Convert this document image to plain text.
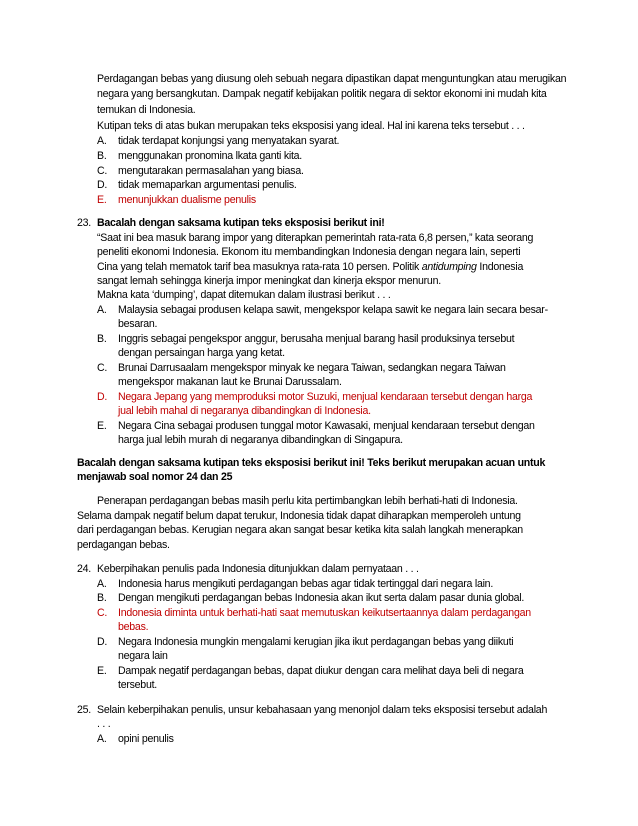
Perdagangan bebas yang diusung oleh sebuah negara dipastikan dapat menguntungkan atau merugikan negara yang bersangkutan. Dampak negatif kebijakan politik negara di sektor ekonomi ini mudah kita temukan di Indonesia.
Kutipan teks di atas bukan merupakan teks eksposisi yang ideal. Hal ini karena teks tersebut . . .
A.	tidak terdapat konjungsi yang menyatakan syarat.
B.	menggunakan pronomina lkata ganti kita.
C.	mengutarakan permasalahan yang biasa.
D.	tidak memaparkan argumentasi penulis.
E.	menunjukkan dualisme penulis
23. Bacalah dengan saksama kutipan teks eksposisi berikut ini!
“Saat ini bea masuk barang impor yang diterapkan pemerintah rata-rata 6,8 persen,” kata seorang
peneliti ekonomi Indonesia. Ekonom itu membandingkan Indonesia dengan negara lain, seperti
Cina yang telah mematok tarif bea masuknya rata-rata 10 persen. Politik antidumping Indonesia
sangat lemah sehingga kinerja impor meningkat dan kinerja ekspor menurun.
Makna kata ‘dumping’, dapat ditemukan dalam ilustrasi berikut . . .
A.	Malaysia sebagai produsen kelapa sawit, mengekspor kelapa sawit ke negara lain secara besar-
besaran.
B.	Inggris sebagai pengekspor anggur, berusaha menjual barang hasil produksinya tersebut
dengan persaingan harga yang ketat.
C.	Brunai Darrusaalam mengekspor minyak ke negara Taiwan, sedangkan negara Taiwan
mengekspor makanan laut ke Brunai Darussalam.
D.	Negara Jepang yang memproduksi motor Suzuki, menjual kendaraan tersebut dengan harga
jual lebih mahal di negaranya dibandingkan di Indonesia.
E.	Negara Cina sebagai produsen tunggal motor Kawasaki, menjual kendaraan tersebut dengan
harga jual lebih murah di negaranya dibandingkan di Singapura.
Bacalah dengan saksama kutipan teks eksposisi berikut ini! Teks berikut merupakan acuan untuk
menjawab soal nomor 24 dan 25
Penerapan perdagangan bebas masih perlu kita pertimbangkan lebih berhati-hati di Indonesia.
Selama dampak negatif belum dapat terukur, Indonesia tidak dapat diharapkan memperoleh untung
dari perdagangan bebas. Kerugian negara akan sangat besar ketika kita salah langkah menerapkan
perdagangan bebas.
24. Keberpihakan penulis pada Indonesia ditunjukkan dalam pernyataan . . .
A.	Indonesia harus mengikuti perdagangan bebas agar tidak tertinggal dari negara lain.
B.	Dengan mengikuti perdagangan bebas Indonesia akan ikut serta dalam pasar dunia global.
C.	Indonesia diminta untuk berhati-hati saat memutuskan keikutsertaannya dalam perdagangan
bebas.
D.	Negara Indonesia mungkin mengalami kerugian jika ikut perdagangan bebas yang diikuti
negara lain
E.	Dampak negatif perdagangan bebas, dapat diukur dengan cara melihat daya beli di negara
tersebut.
25. Selain keberpihakan penulis, unsur kebahasaan yang menonjol dalam teks eksposisi tersebut adalah
. . .
A.	opini penulis
